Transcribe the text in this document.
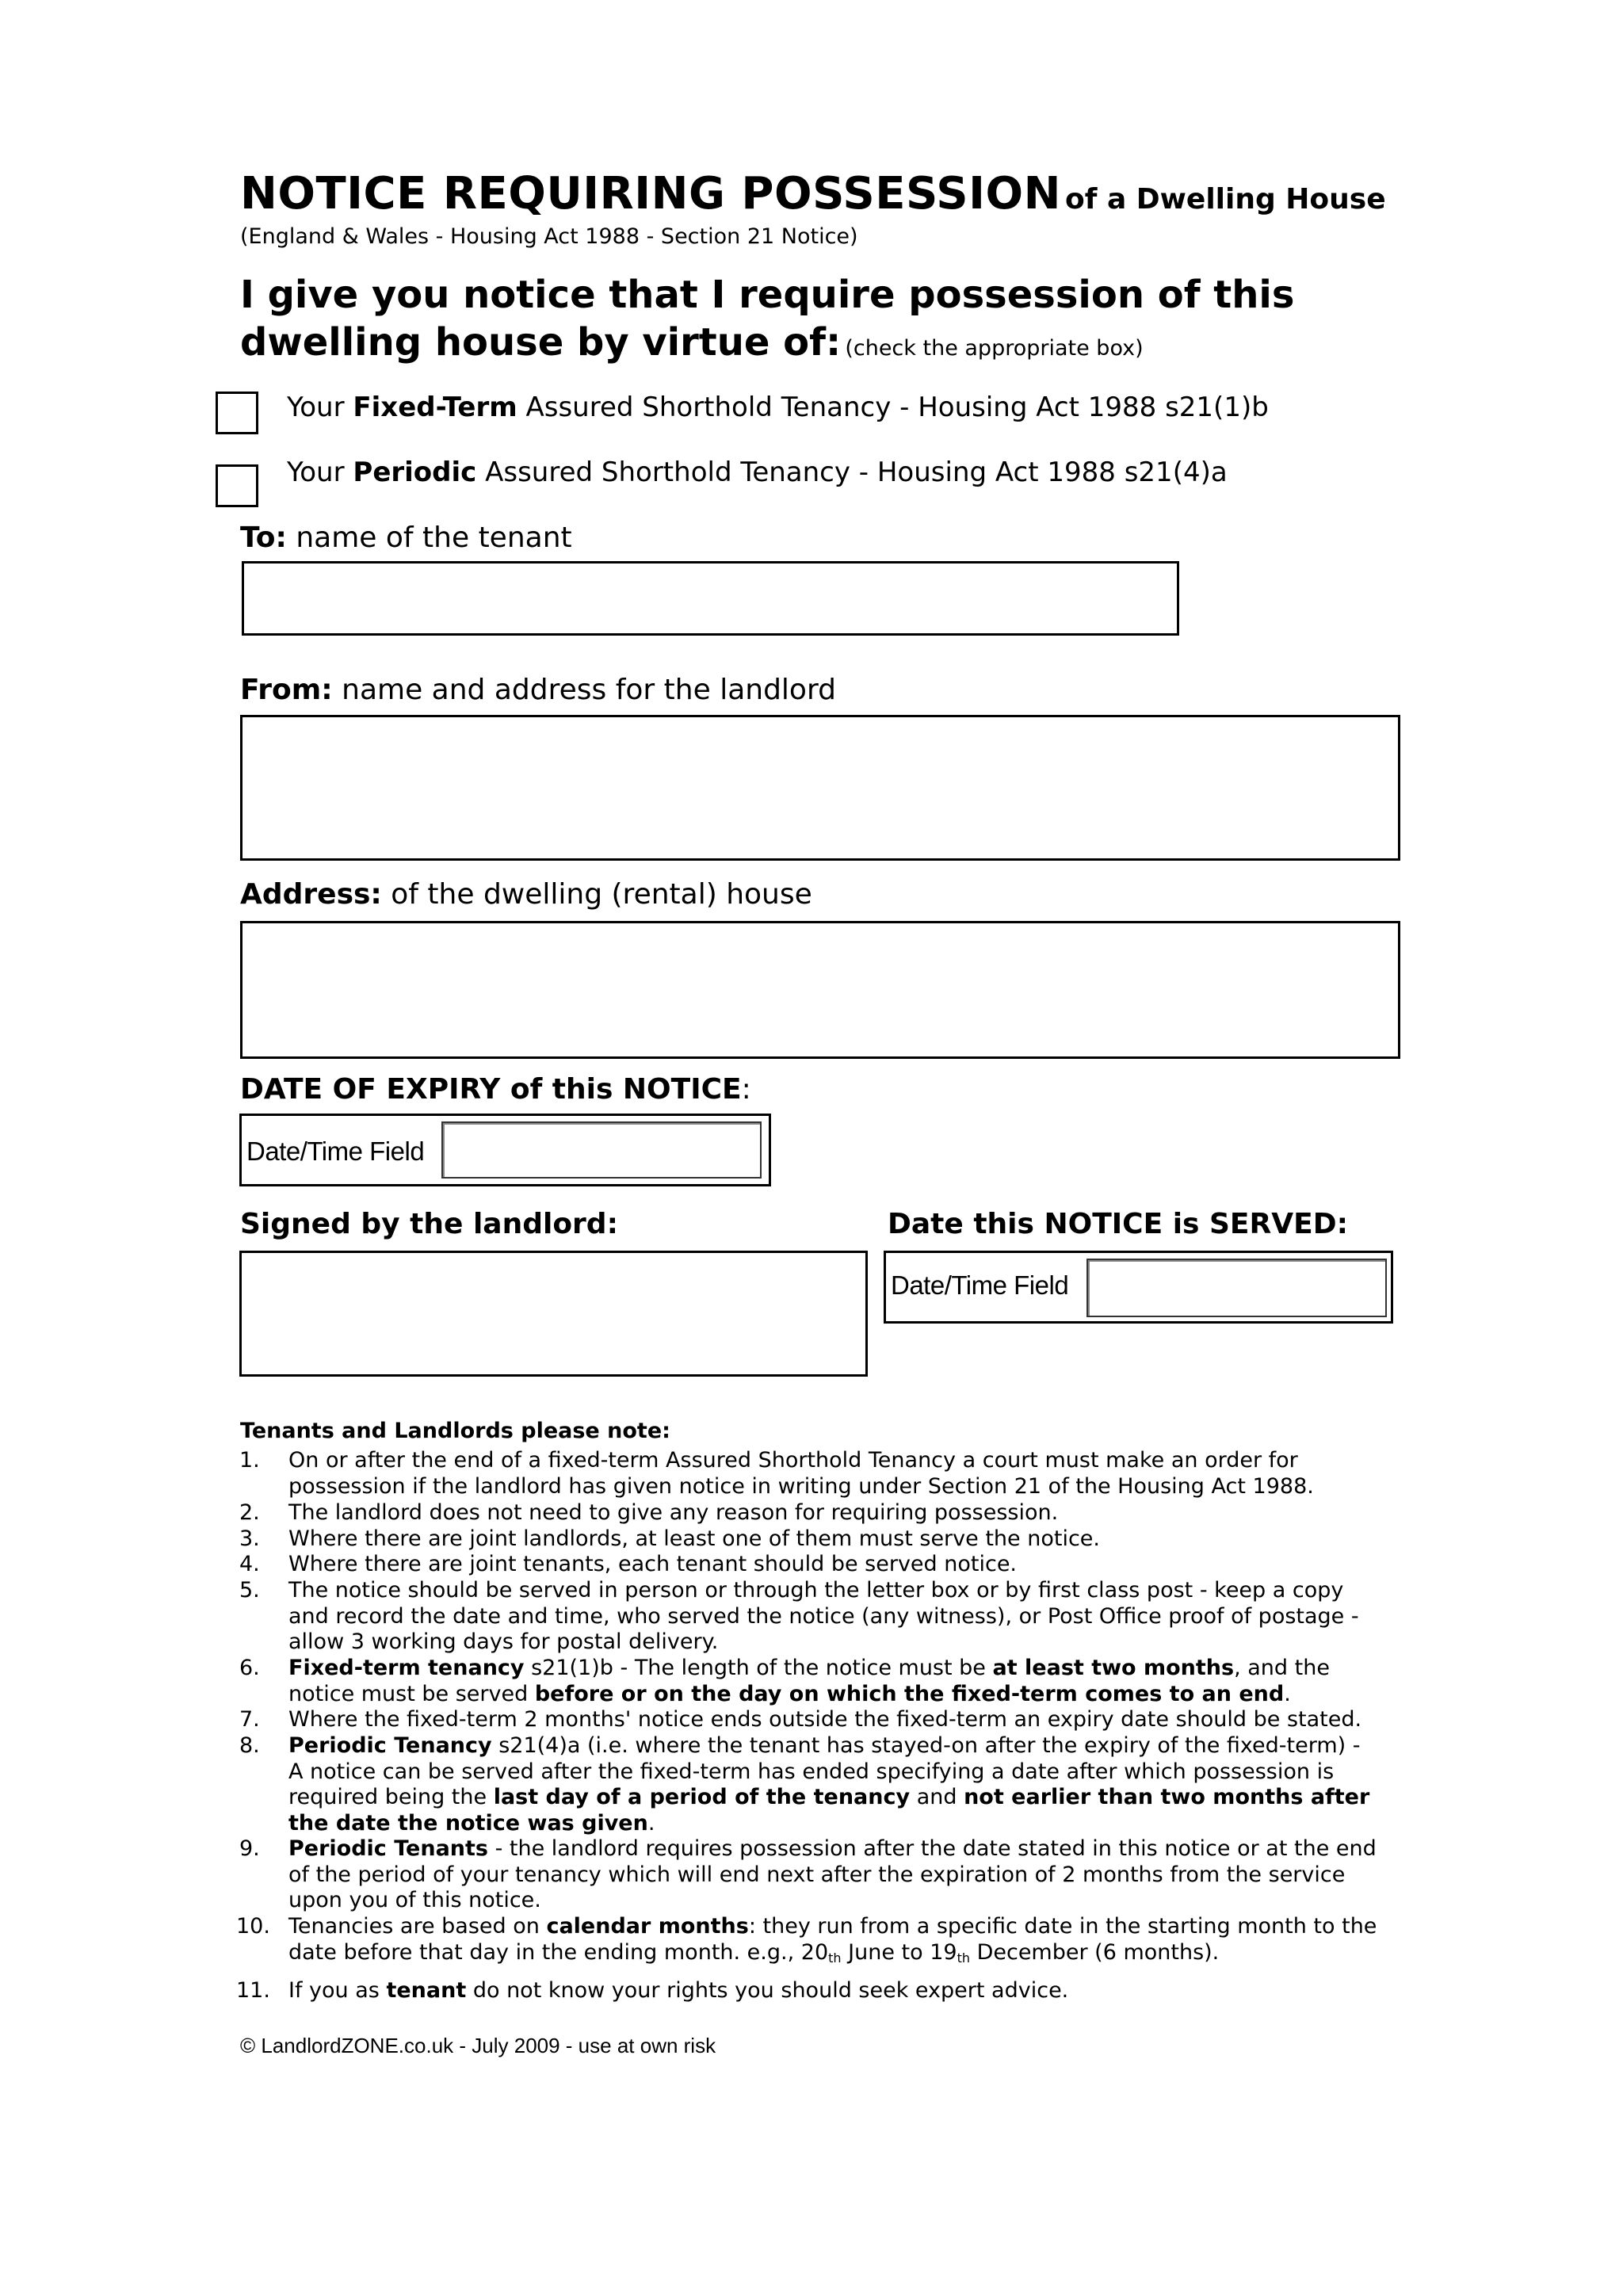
NOTICE REQUIRING POSSESSION of a Dwelling House
(England & Wales - Housing Act 1988 - Section 21 Notice)
I give you notice that I require possession of this
dwelling house by virtue of: (check the appropriate box)
Your Fixed-Term Assured Shorthold Tenancy - Housing Act 1988 s21(1)b
Your Periodic Assured Shorthold Tenancy - Housing Act 1988 s21(4)a
To: name of the tenant
From: name and address for the landlord
Address: of the dwelling (rental) house
DATE OF EXPIRY of this NOTICE:
Date/Time Field
Signed by the landlord:	Date this NOTICE is SERVED:
Date/Time Field
Tenants and Landlords please note:
1. On or after the end of a fixed-term Assured Shorthold Tenancy a court must make an order for
possession if the landlord has given notice in writing under Section 21 of the Housing Act 1988.
2. The landlord does not need to give any reason for requiring possession.
3. Where there are joint landlords, at least one of them must serve the notice.
4. Where there are joint tenants, each tenant should be served notice.
5. The notice should be served in person or through the letter box or by first class post - keep a copy
and record the date and time, who served the notice (any witness), or Post Office proof of postage -
allow 3 working days for postal delivery.
6. Fixed-term tenancy s21(1)b - The length of the notice must be at least two months, and the
notice must be served before or on the day on which the fixed-term comes to an end.
7. Where the fixed-term 2 months' notice ends outside the fixed-term an expiry date should be stated.
8. Periodic Tenancy s21(4)a (i.e. where the tenant has stayed-on after the expiry of the fixed-term) -
A notice can be served after the fixed-term has ended specifying a date after which possession is
required being the last day of a period of the tenancy and not earlier than two months after
the date the notice was given.
9. Periodic Tenants - the landlord requires possession after the date stated in this notice or at the end
of the period of your tenancy which will end next after the expiration of 2 months from the service
upon you of this notice.
10. Tenancies are based on calendar months: they run from a specific date in the starting month to the
date before that day in the ending month. e.g., $20_{th}$ June to $19_{th}$ December (6 months).
11. If you as tenant do not know your rights you should seek expert advice.
© LandlordZONE.co.uk - July 2009 - use at own risk
